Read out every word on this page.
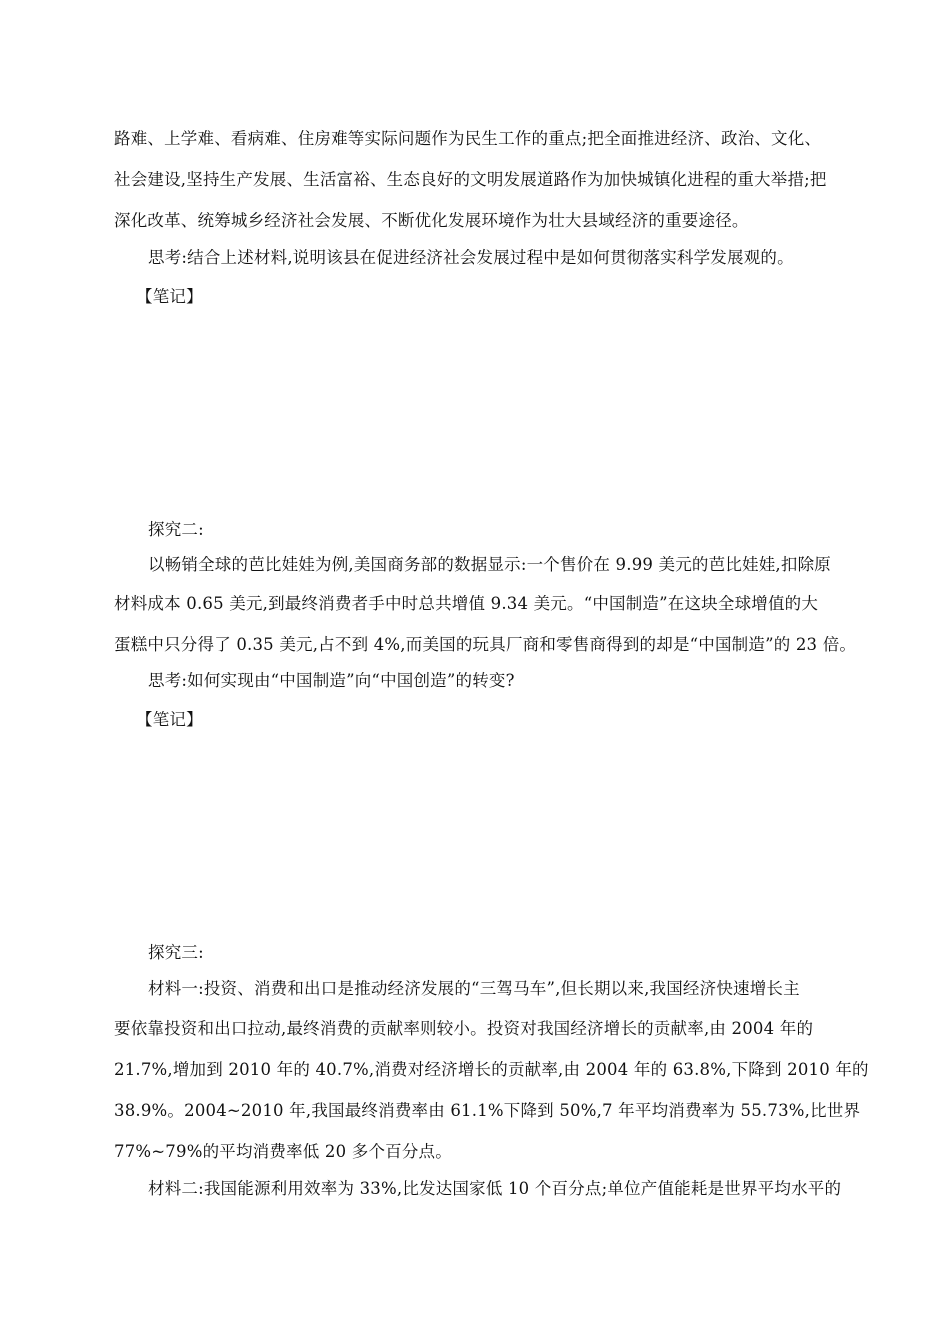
路难、上学难、看病难、住房难等实际问题作为民生工作的重点;把全面推进经济、政治、文化、
社会建设,坚持生产发展、生活富裕、生态良好的文明发展道路作为加快城镇化进程的重大举措;把
深化改革、统筹城乡经济社会发展、不断优化发展环境作为壮大县域经济的重要途径。
思考:结合上述材料,说明该县在促进经济社会发展过程中是如何贯彻落实科学发展观的。
【笔记】
探究二:
以畅销全球的芭比娃娃为例,美国商务部的数据显示:一个售价在 9.99 美元的芭比娃娃,扣除原
材料成本 0.65 美元,到最终消费者手中时总共增值 9.34 美元。“中国制造”在这块全球增值的大
蛋糕中只分得了 0.35 美元,占不到 4%,而美国的玩具厂商和零售商得到的却是“中国制造”的 23 倍。
思考:如何实现由“中国制造”向“中国创造”的转变?
【笔记】
探究三:
材料一:投资、消费和出口是推动经济发展的“三驾马车”,但长期以来,我国经济快速增长主
要依靠投资和出口拉动,最终消费的贡献率则较小。投资对我国经济增长的贡献率,由 2004 年的
21.7%,增加到 2010 年的 40.7%,消费对经济增长的贡献率,由 2004 年的 63.8%,下降到 2010 年的
38.9%。2004~2010 年,我国最终消费率由 61.1%下降到 50%,7 年平均消费率为 55.73%,比世界
77%~79%的平均消费率低 20 多个百分点。
材料二:我国能源利用效率为 33%,比发达国家低 10 个百分点;单位产值能耗是世界平均水平的
